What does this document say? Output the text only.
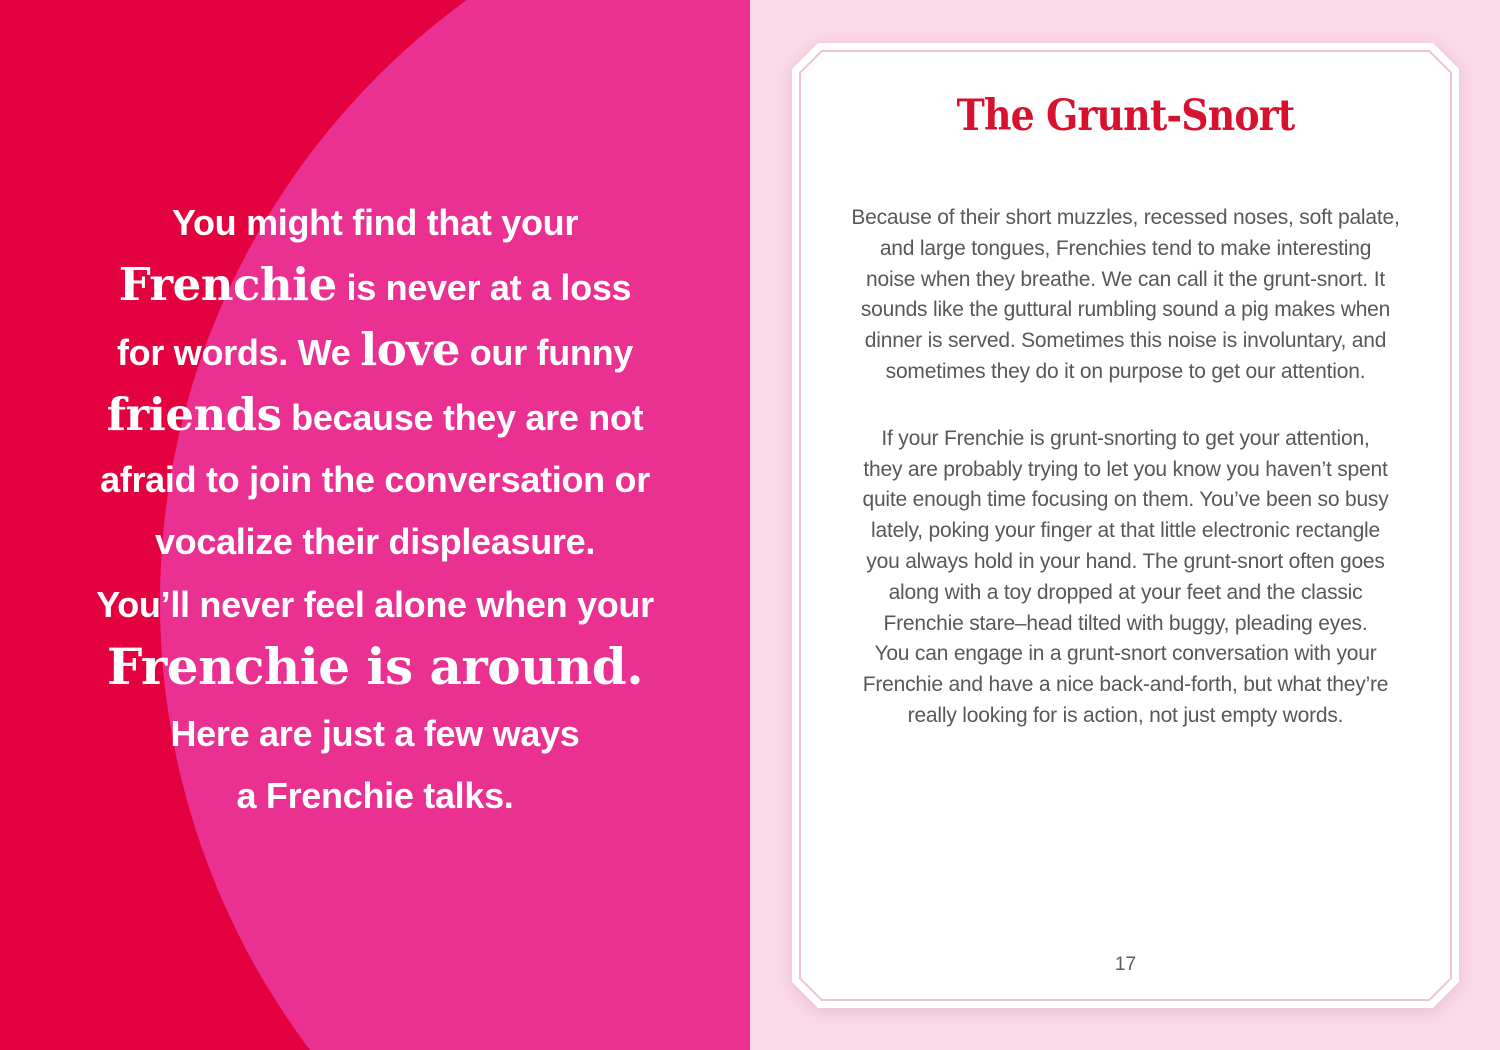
You might find that your
Frenchie is never at a loss
for words. We love our funny
friends because they are not
afraid to join the conversation or
vocalize their displeasure.
You’ll never feel alone when your
Frenchie is around.
Here are just a few ways
a Frenchie talks.
The Grunt-Snort
Because of their short muzzles, recessed noses, soft palate,
and large tongues, Frenchies tend to make interesting
noise when they breathe. We can call it the grunt-snort. It
sounds like the guttural rumbling sound a pig makes when
dinner is served. Sometimes this noise is involuntary, and
sometimes they do it on purpose to get our attention.
If your Frenchie is grunt-snorting to get your attention,
they are probably trying to let you know you haven’t spent
quite enough time focusing on them. You’ve been so busy
lately, poking your finger at that little electronic rectangle
you always hold in your hand. The grunt-snort often goes
along with a toy dropped at your feet and the classic
Frenchie stare–head tilted with buggy, pleading eyes.
You can engage in a grunt-snort conversation with your
Frenchie and have a nice back-and-forth, but what they’re
really looking for is action, not just empty words.
17
